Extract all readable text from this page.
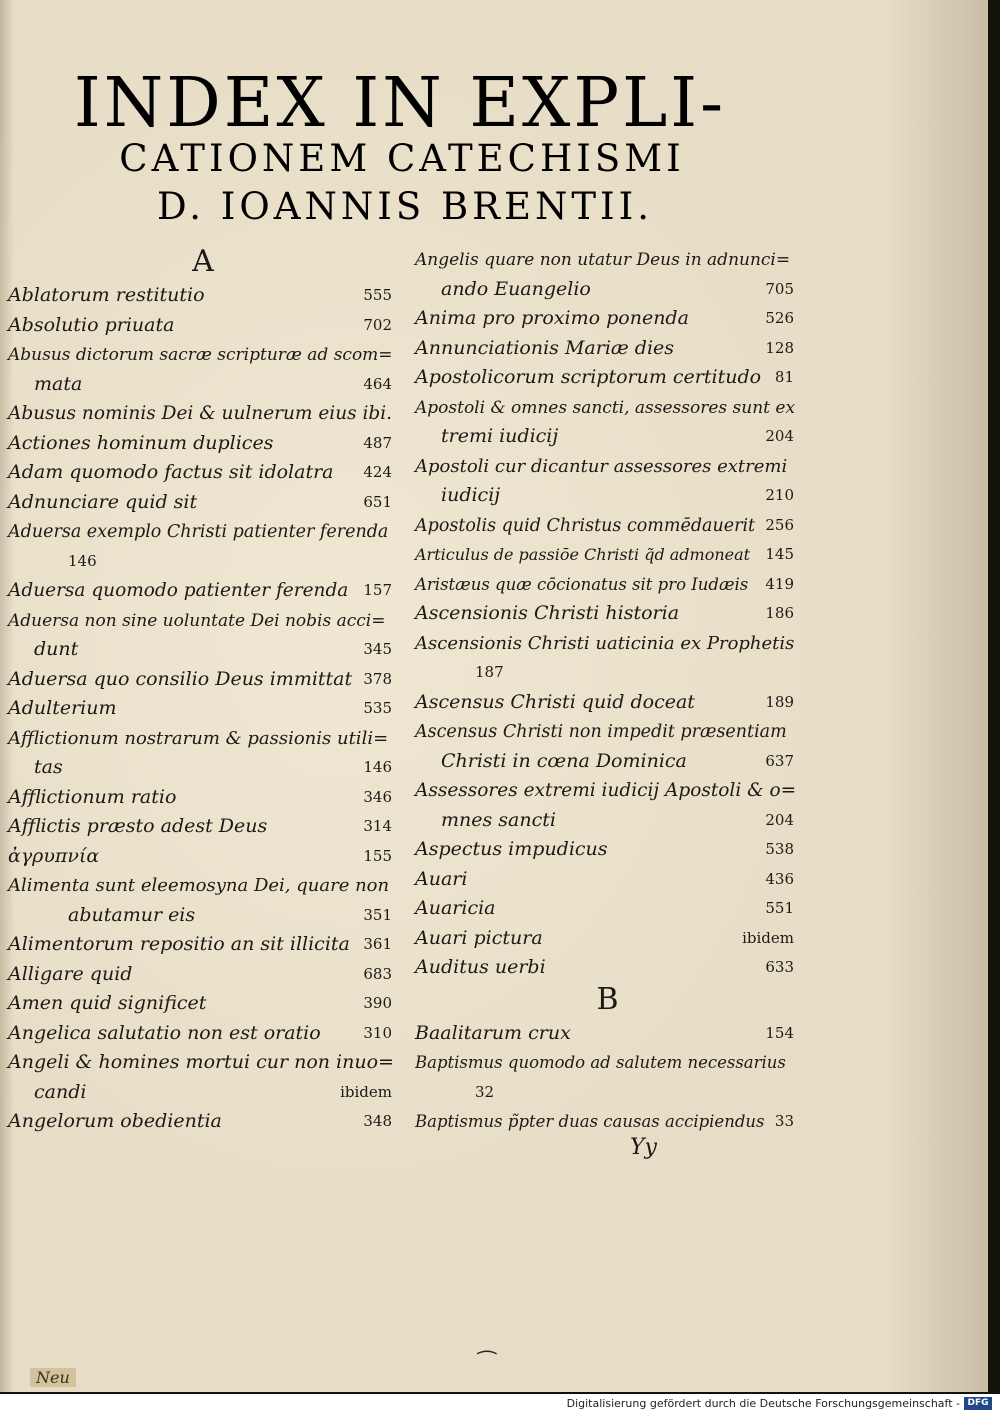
INDEX IN EXPLI-
CATIONEM CATECHISMI
D. IOANNIS BRENTII.
A
Ablatorum restitutio	555
Absolutio priuata	702
Abusus dictorum sacræ scripturæ ad scom=
mata	464
Abusus nominis Dei & uulnerum eius ibi.
Actiones hominum duplices	487
Adam quomodo factus sit idolatra 424
Adnunciare quid sit	651
Aduersa exemplo Christi patienter ferenda
146
Aduersa quomodo patienter ferenda 157
Aduersa non sine uoluntate Dei nobis acci=
dunt	345
Aduersa quo consilio Deus immittat 378
Adulterium	535
Afflictionum nostrarum & passionis utili=
tas	146
Afflictionum ratio	346
Afflictis præsto adest Deus	314
ἀγρυπνία	155
Alimenta sunt eleemosyna Dei, quare non
abutamur eis	351
Alimentorum repositio an sit illicita 361
Alligare quid	683
Amen quid significet	390
Angelica salutatio non est oratio	310
Angeli & homines mortui cur non inuo=
candi	ibidem
Angelorum obedientia	348
Angelis quare non utatur Deus in adnunci=
ando Euangelio	705
Anima pro proximo ponenda	526
Annunciationis Mariæ dies	128
Apostolicorum scriptorum certitudo 81
Apostoli & omnes sancti, assessores sunt ex
tremi iudicij	204
Apostoli cur dicantur assessores extremi
iudicij	210
Apostolis quid Christus commēdauerit 256
Articulus de passiōe Christi q̃d admoneat 145
Aristæus quæ cōcionatus sit pro Iudæis 419
Ascensionis Christi historia	186
Ascensionis Christi uaticinia ex Prophetis
187
Ascensus Christi quid doceat	189
Ascensus Christi non impedit præsentiam
Christi in cœna Dominica	637
Assessores extremi iudicij Apostoli & o=
mnes sancti	204
Aspectus impudicus	538
Auari	436
Auaricia	551
Auari pictura	ibidem
Auditus uerbi	633
B
Baalitarum crux	154
Baptismus quomodo ad salutem necessarius
32
Baptismus p̃pter duas causas accipiendus 33
Yy
⁀
Neu
Digitalisierung gefördert durch die Deutsche Forschungsgemeinschaft - DFG
